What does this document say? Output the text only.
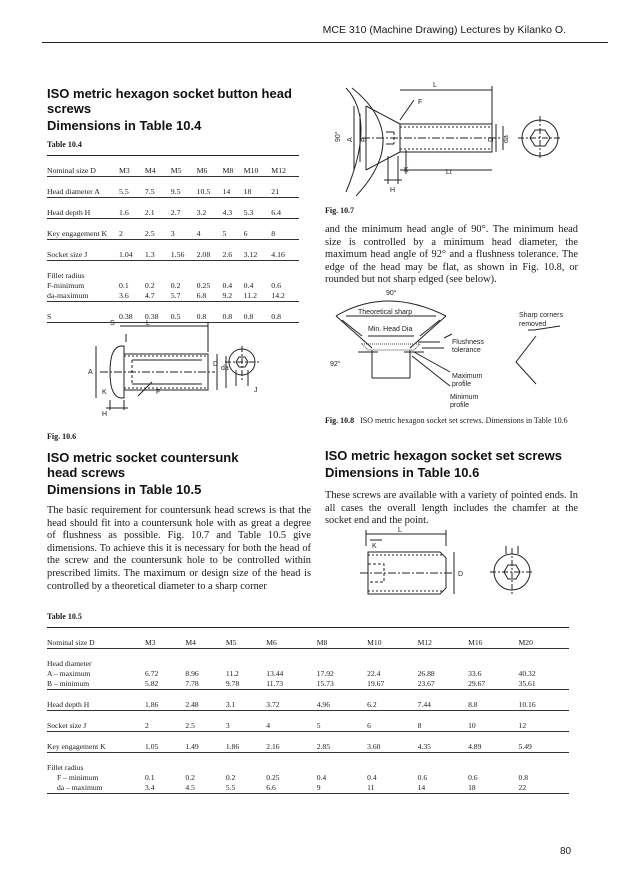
MCE 310 (Machine Drawing) Lectures by Kilanko O.
ISO metric hexagon socket button head
screws
Dimensions in Table 10.4
Table 10.4
Nominal size D	M3	M4	M5	M6	M8	M10	M12

Head diameter A	5.5	7.5	9.5	10.5	14	18	21

Head depth H	1.6	2.1	2.7	3.2	4.3	5.3	6.4

Key engagement K	2	2.5	3	4	5	6	8

Socket size J	1.04	1.3	1.56	2.08	2.6	3.12	4.16

Fillet radius							
F-minimum	0.1	0.2	0.2	0.25	0.4	0.4	0.6
da-maximum	3.6	4.7	5.7	6.8	9.2	11.2	14.2

S	0.38	0.38	0.5	0.8	0.8	0.8	0.8
S	L
A
D
da
K	F
H
J
Fig. 10.6
ISO metric socket countersunk
head screws
Dimensions in Table 10.5

The basic requirement for countersunk head screws is that the head should fit into a countersunk hole with as great a degree of flushness as possible. Fig. 10.7 and Table 10.5 give dimensions. To achieve this it is necessary for both the head of the screw and the countersunk hole to be controlled within prescribed limits. The maximum or design size of the head is controlled by a theoretical diameter to a sharp corner

L
F
90° A B	D da
K
H
Lt
Fig. 10.7

and the minimum head angle of 90°. The minimum head size is controlled by a minimum head diameter, the maximum head angle of 92° and a flushness tolerance. The edge of the head may be flat, as shown in Fig. 10.8, or rounded but not sharp edged (see below).

90°
Theoretical sharp
Min. Head Dia
Flushness
tolerance
92°
Maximum
profile
Minimum
profile
Sharp corners
removed
Fig. 10.8 ISO metric hexagon socket set screws. Dimensions in Table 10.6
ISO metric hexagon socket set screws
Dimensions in Table 10.6

These screws are available with a variety of pointed ends. In all cases the overall length includes the chamfer at the socket end and the point.

L
K
D
Table 10.5
Nominal size D	M3	M4	M5	M6	M8	M10	M12	M16	M20

Head diameter									
A – maximum	6.72	8.96	11.2	13.44	17.92	22.4	26.88	33.6	40.32
B – minimum	5.82	7.78	9.78	11.73	15.73	19.67	23.67	29.67	35.61

Head depth H	1.86	2.48	3.1	3.72	4.96	6.2	7.44	8.8	10.16

Socket size J	2	2.5	3	4	5	6	8	10	12

Key engagement K	1.05	1.49	1.86	2.16	2.85	3.60	4.35	4.89	5.49

Fillet radius									
F – minimum	0.1	0.2	0.2	0.25	0.4	0.4	0.6	0.6	0.8
da – maximum	3.4	4.5	5.5	6.6	9	11	14	18	22
80
